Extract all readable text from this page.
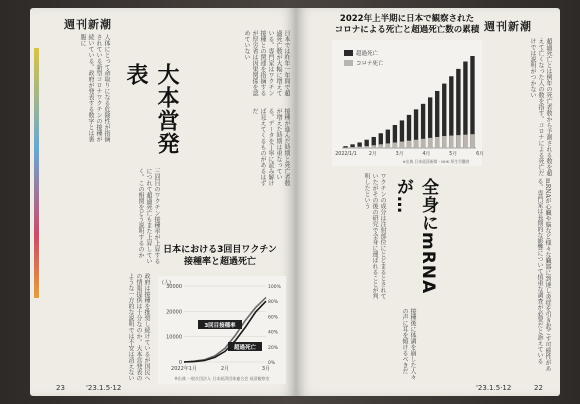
週刊新潮
人体にとって命取りになる危険性が指摘されている新型コロナワクチンの接種が続いている。政府が発表する数字とは裏腹に
大本営発表	日本では昨年一年間で超過死亡数が大幅に増えている。専門家はワクチン接種との関連を指摘するが厚労省は因果関係を認めていない
接種が進んだ時期と死亡者数が増えた時期は重なっている。データを丁寧に読み解けば見えてくるものがあるはずだ
三回目のワクチン接種率が上昇するにつれて超過死亡もまた上昇していく。この相関をどう説明するのか	日本における3回目ワクチン
接種率と超過死亡
(人)
30000
20000
10000
0
100%
80%
60%
40%
20%
0%
2022年1月	2月	3月
3回目接種率
超過死亡
※出典 一般社団法人 日本経済団体連合会 経済観察室
政府は接種を推奨し続けているが国民への情報提供は十分なのか。大本営発表のような一方的な説明では不安は消えない
23	'23.1.5·12
週刊新潮
2022年上半期に日本で観察された
コロナによる死亡と超過死亡数の累積
超過死亡
コロナ死亡
2022/1/1	2月	3月	4月	5月	6月
※出典 日本経済新聞・NHK 厚生労働省	超過死亡とは例年の死亡者数から予測される数を超えて亡くなった人の数を指す。コロナによる死亡だけでは説明がつかない
ワクチンの成分は注射部位にとどまるとされていたがその後の研究で全身に運ばれることが判明したという	全身にmRNAが…	mRNAが心臓や脳など様々な臓器に到達し炎症を引き起こす可能性がある。専門家は長期的な影響について慎重な調査が必要だと訴えている
接種後に体調を崩した人々の声に耳を傾けるべきだ
'23.1.5·12	22
